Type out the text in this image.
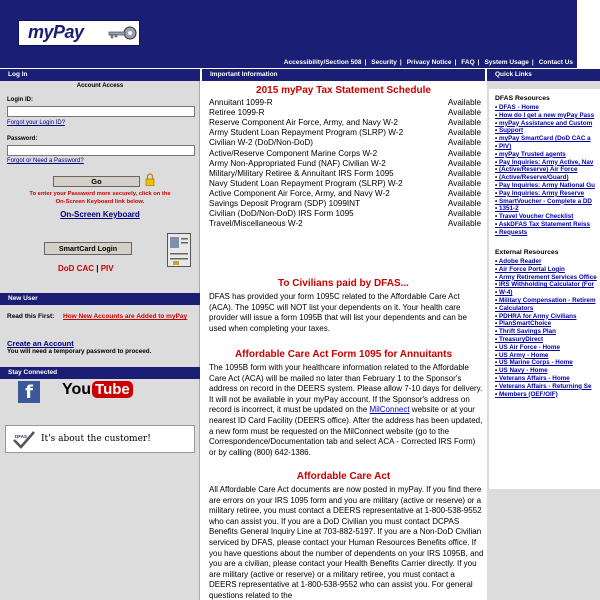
myPay
Accessibility/Section 508 | Security | Privacy Notice | FAQ | System Usage | Contact Us
Log In	Important Information	Quick Links
Account Access
Login ID:
Forgot your Login ID?
Password:
Forgot or Need a Password?
Go
To enter your Password more securely, click on the
On-Screen Keyboard link below.
On-Screen Keyboard
SmartCard Login
DoD CAC | PIV
New User
Read this First: How New Accounts are Added to myPay
Create an Account
You will need a temporary password to proceed.
Stay Connected
f	You Tube
DFAS It's about the customer!
2015 myPay Tax Statement Schedule
Annuitant 1099-R	Available
Retiree 1099-R	Available
Reserve Component Air Force, Army, and Navy W-2	Available
Army Student Loan Repayment Program (SLRP) W-2	Available
Civilian W-2 (DoD/Non-DoD)	Available
Active/Reserve Component Marine Corps W-2	Available
Army Non-Appropriated Fund (NAF) Civilian W-2	Available
Military/Military Retiree & Annuitant IRS Form 1095	Available
Navy Student Loan Repayment Program (SLRP) W-2	Available
Active Component Air Force, Army, and Navy W-2	Available
Savings Deposit Program (SDP) 1099INT	Available
Civilian (DoD/Non-DoD) IRS Form 1095	Available
Travel/Miscellaneous W-2	Available
To Civilians paid by DFAS...
DFAS has provided your form 1095C related to the Affordable Care Act (ACA). The 1095C will NOT list your dependents on it. Your health care provider will issue a form 1095B that will list your dependents and can be used when completing your taxes.
Affordable Care Act Form 1095 for Annuitants
The 1095B form with your healthcare information related to the Affordable Care Act (ACA) will be mailed no later than February 1 to the Sponsor's address on record in the DEERS system. Please allow 7-10 days for delivery. It will not be available in your myPay account. If the Sponsor's address on record is incorrect, it must be updated on the MilConnect website or at your nearest ID Card Facility (DEERS office). After the address has been updated, a new form must be requested on the MilConnect website (go to the Correspondence/Documentation tab and select ACA - Corrected IRS Form) or by calling (800) 642-1386.
Affordable Care Act
All Affordable Care Act documents are now posted in myPay. If you find there are errors on your IRS 1095 form and you are military (active or reserve) or a military retiree, you must contact a DEERS representative at 1-800-538-9552 who can assist you. If you are a DoD Civilian you must contact DCPAS Benefits General Inquiry Line at 703-882-5197. If you are a Non-DoD Civilian serviced by DFAS, please contact your Human Resources Benefits office. If you have questions about the number of dependents on your IRS 1095B, and you are a civilian, please contact your Health Benefits Carrier directly. If you are military (active or reserve) or a military retiree, you must contact a DEERS representative at 1-800-538-9552 who can assist you. For general questions related to the
DFAS Resources
• DFAS - Home
• How do I get a new myPay Pass
• myPay Assistance and Custom
• Support
• myPay SmartCard (DoD CAC a
• PIV)
• myPay Trusted agents
• Pay Inquiries: Army Active, Nav
• (Active/Reserve) Air Force
• (Active/Reserve/Guard)
• Pay Inquiries: Army National Gu
• Pay Inquiries: Army Reserve
• SmartVoucher - Complete a DD
• 1351-2
• Travel Voucher Checklist
• AskDFAS Tax Statement Reiss
• Requests
External Resources
• Adobe Reader
• Air Force Portal Login
• Army Retirement Services Office
• IRS Withholding Calculator (For
• W-4)
• Military Compensation - Retirem
• Calculators
• PDHRA for Army Civilians
• PlanSmartChoice
• Thrift Savings Plan
• TreasuryDirect
• US Air Force - Home
• US Army - Home
• US Marine Corps - Home
• US Navy - Home
• Veterans Affairs - Home
• Veterans Affairs - Returning Se
• Members (OEF/OIF)
